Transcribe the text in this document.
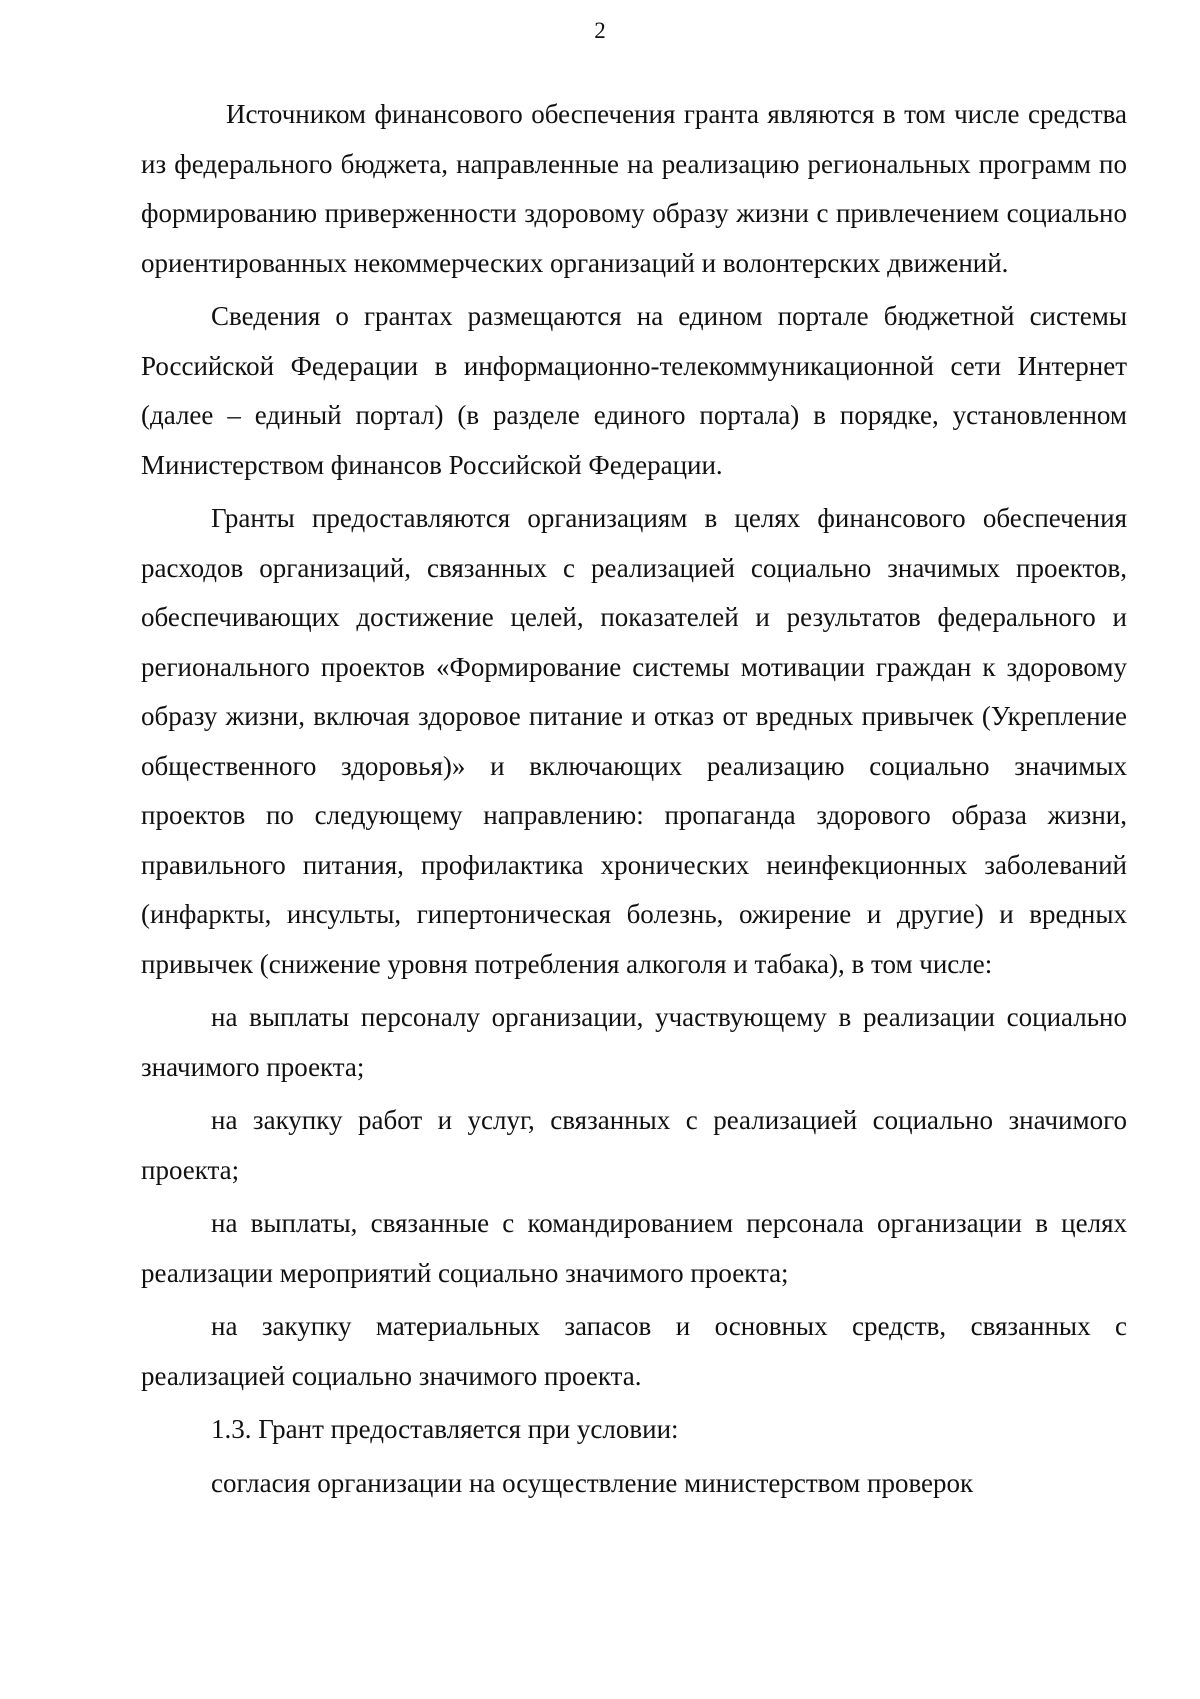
2

Источником финансового обеспечения гранта являются в том числе средства из федерального бюджета, направленные на реализацию региональных программ по формированию приверженности здоровому образу жизни с привлечением социально ориентированных некоммерческих организаций и волонтерских движений.

Сведения о грантах размещаются на едином портале бюджетной системы Российской Федерации в информационно-телекоммуникационной сети Интернет (далее – единый портал) (в разделе единого портала) в порядке, установленном Министерством финансов Российской Федерации.

Гранты предоставляются организациям в целях финансового обеспечения расходов организаций, связанных с реализацией социально значимых проектов, обеспечивающих достижение целей, показателей и результатов федерального и регионального проектов «Формирование системы мотивации граждан к здоровому образу жизни, включая здоровое питание и отказ от вредных привычек (Укрепление общественного здоровья)» и включающих реализацию социально значимых проектов по следующему направлению: пропаганда здорового образа жизни, правильного питания, профилактика хронических неинфекционных заболеваний (инфаркты, инсульты, гипертоническая болезнь, ожирение и другие) и вредных привычек (снижение уровня потребления алкоголя и табака), в том числе:

на выплаты персоналу организации, участвующему в реализации социально значимого проекта;

на закупку работ и услуг, связанных с реализацией социально значимого проекта;

на выплаты, связанные с командированием персонала организации в целях реализации мероприятий социально значимого проекта;

на закупку материальных запасов и основных средств, связанных с реализацией социально значимого проекта.

1.3. Грант предоставляется при условии:

согласия организации на осуществление министерством проверок
